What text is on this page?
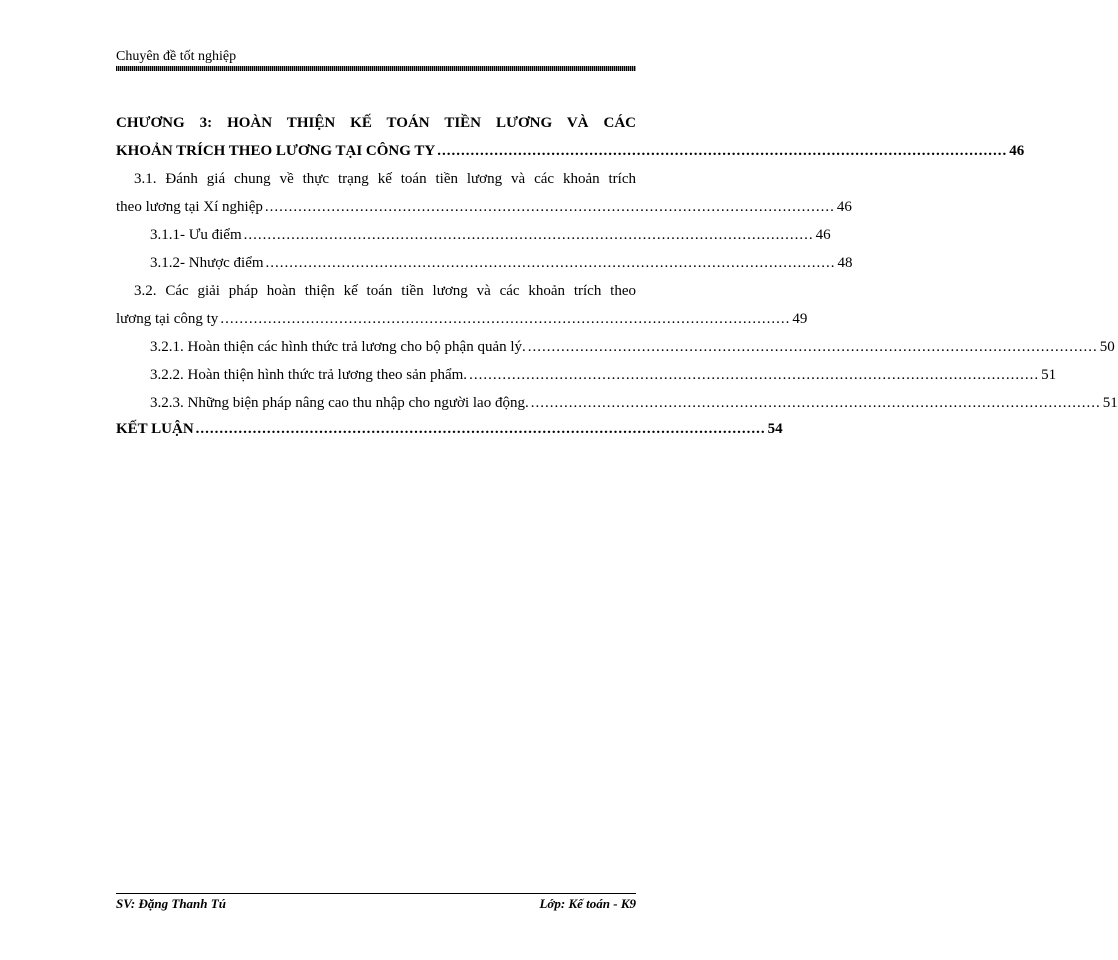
Chuyên đề tốt nghiệp
CHƯƠNG 3: HOÀN THIỆN KẾ TOÁN TIỀN LƯƠNG VÀ CÁC
KHOẢN TRÍCH THEO LƯƠNG TẠI CÔNG TY ........................................................................................................................ 46
3.1. Đánh giá chung về thực trạng kế toán tiền lương và các khoản trích
theo lương tại Xí nghiệp ........................................................................................................................ 46
3.1.1- Ưu điểm ........................................................................................................................ 46
3.1.2- Nhược điểm ........................................................................................................................ 48
3.2. Các giải pháp hoàn thiện kế toán tiền lương và các khoản trích theo
lương tại công ty ........................................................................................................................ 49
3.2.1. Hoàn thiện các hình thức trả lương cho bộ phận quản lý. ........................................................................................................................ 50
3.2.2. Hoàn thiện hình thức trả lương theo sản phẩm. ........................................................................................................................ 51
3.2.3. Những biện pháp nâng cao thu nhập cho người lao động. ........................................................................................................................ 51
KẾT LUẬN ........................................................................................................................ 54
SV: Đặng Thanh Tú	Lớp: Kế toán - K9
